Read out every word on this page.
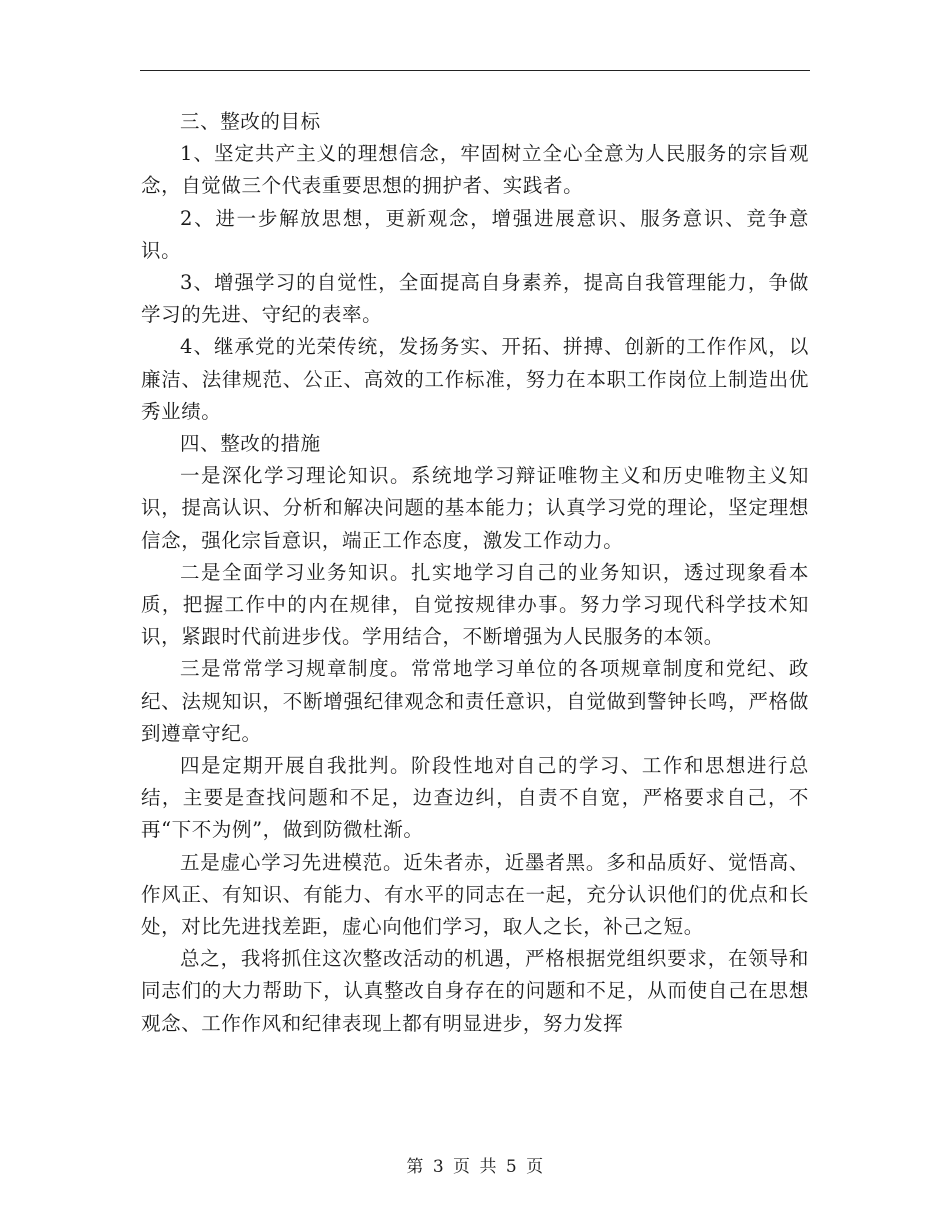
三、整改的目标

1、坚定共产主义的理想信念，牢固树立全心全意为人民服务的宗旨观念，自觉做三个代表重要思想的拥护者、实践者。

2、进一步解放思想，更新观念，增强进展意识、服务意识、竞争意识。

3、增强学习的自觉性，全面提高自身素养，提高自我管理能力，争做学习的先进、守纪的表率。

4、继承党的光荣传统，发扬务实、开拓、拼搏、创新的工作作风，以廉洁、法律规范、公正、高效的工作标准，努力在本职工作岗位上制造出优秀业绩。

四、整改的措施

一是深化学习理论知识。系统地学习辩证唯物主义和历史唯物主义知识，提高认识、分析和解决问题的基本能力；认真学习党的理论，坚定理想信念，强化宗旨意识，端正工作态度，激发工作动力。

二是全面学习业务知识。扎实地学习自己的业务知识，透过现象看本质，把握工作中的内在规律，自觉按规律办事。努力学习现代科学技术知识，紧跟时代前进步伐。学用结合，不断增强为人民服务的本领。

三是常常学习规章制度。常常地学习单位的各项规章制度和党纪、政纪、法规知识，不断增强纪律观念和责任意识，自觉做到警钟长鸣，严格做到遵章守纪。

四是定期开展自我批判。阶段性地对自己的学习、工作和思想进行总结，主要是查找问题和不足，边查边纠，自责不自宽，严格要求自己，不再“下不为例”，做到防微杜渐。

五是虚心学习先进模范。近朱者赤，近墨者黑。多和品质好、觉悟高、作风正、有知识、有能力、有水平的同志在一起，充分认识他们的优点和长处，对比先进找差距，虚心向他们学习，取人之长，补己之短。

总之，我将抓住这次整改活动的机遇，严格根据党组织要求，在领导和同志们的大力帮助下，认真整改自身存在的问题和不足，从而使自己在思想观念、工作作风和纪律表现上都有明显进步，努力发挥

第 3 页 共 5 页
